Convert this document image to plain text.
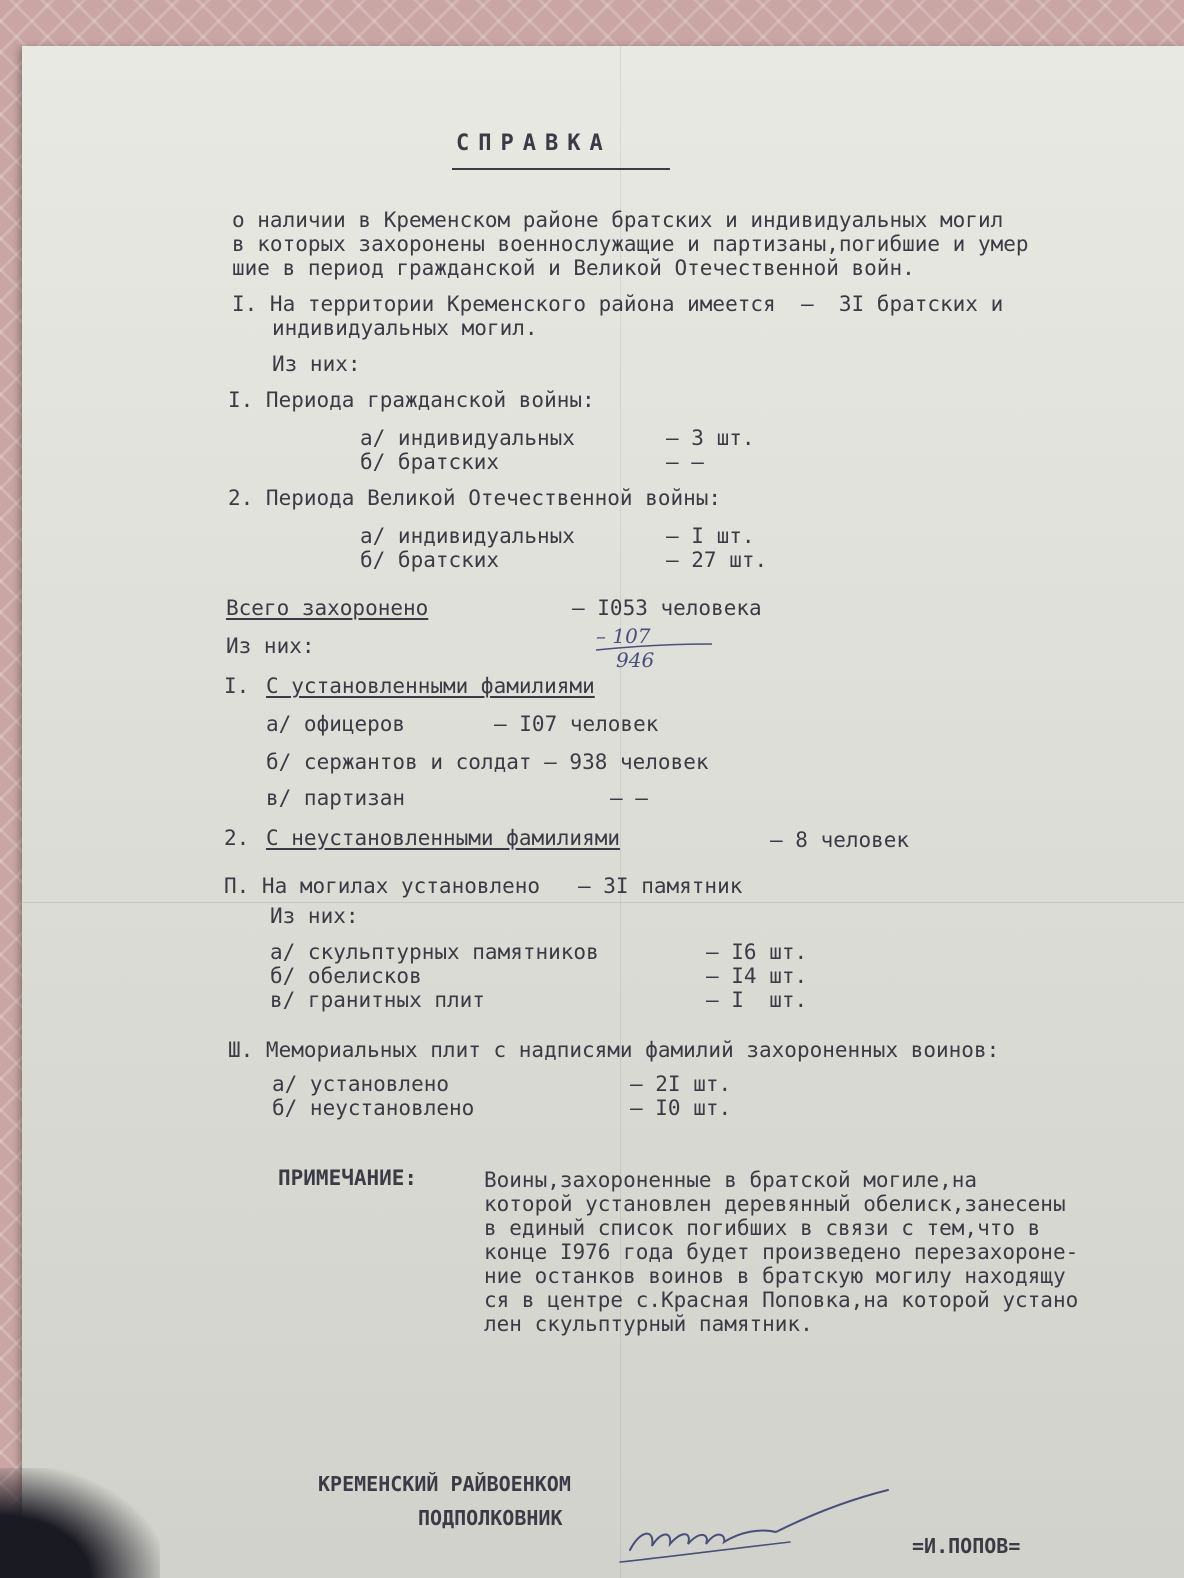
СПРАВКА
о наличии в Кременском районе братских и индивидуальных могил
в которых захоронены военнослужащие и партизаны,погибшие и умер
шие в период гражданской и Великой Отечественной войн.
I. На территории Кременского района имеется  –  3I братских и
индивидуальных могил.
Из них:
I. Периода гражданской войны:
а/ индивидуальных	– 3 шт.
б/ братских	– –
2. Периода Великой Отечественной войны:
а/ индивидуальных	– I шт.
б/ братских	– 27 шт.
Всего захоронено	– I053 человека
– 107
946
Из них:
I. С установленными фамилиями
а/ офицеров	– I07 человек
б/ сержантов и солдат – 938 человек
в/ партизан	– –
2. С неустановленными фамилиями	– 8 человек
П. На могилах установлено   – 3I памятник
Из них:
а/ скульптурных памятников	– I6 шт.
б/ обелисков	– I4 шт.
в/ гранитных плит	– I  шт.
Ш. Мемориальных плит с надписями фамилий захороненных воинов:
а/ установлено	– 2I шт.
б/ неустановлено	– I0 шт.
ПРИМЕЧАНИЕ:	Воины,захороненные в братской могиле,на
которой установлен деревянный обелиск,занесены
в единый список погибших в связи с тем,что в
конце I976 года будет произведено перезахороне-
ние останков воинов в братскую могилу находящу
ся в центре с.Красная Поповка,на которой устано
лен скульптурный памятник.
КРЕМЕНСКИЙ РАЙВОЕНКОМ
ПОДПОЛКОВНИК
=И.ПОПОВ=
